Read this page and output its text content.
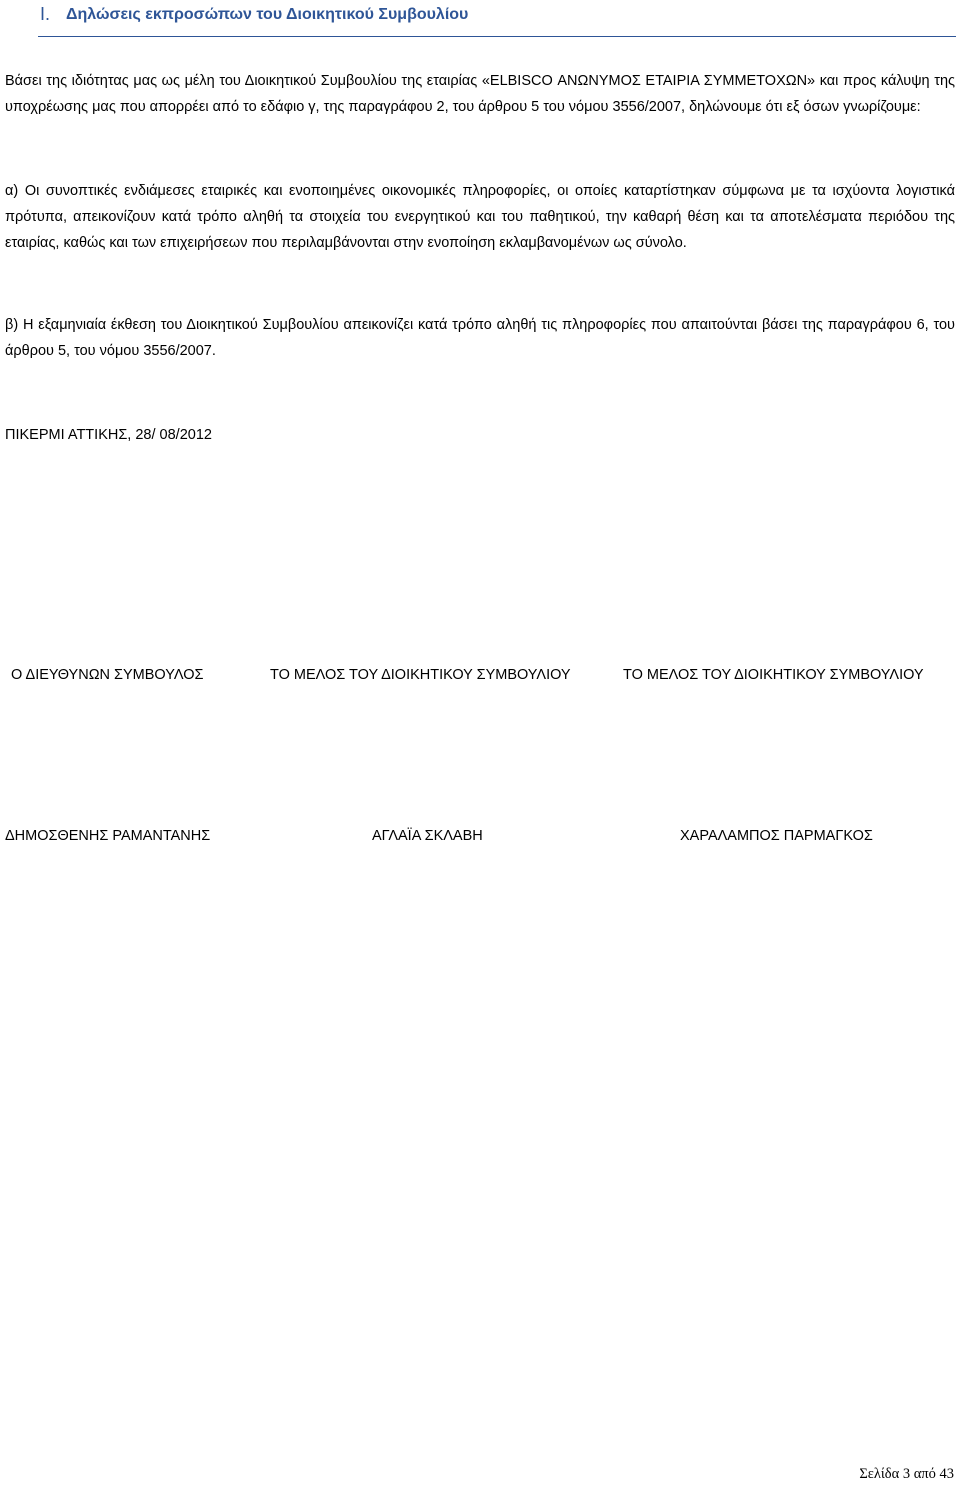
I. Δηλώσεις εκπροσώπων του Διοικητικού Συμβουλίου

Βάσει της ιδιότητας μας ως μέλη του Διοικητικού Συμβουλίου της εταιρίας «ELBISCO ΑΝΩΝΥΜΟΣ ΕΤΑΙΡΙΑ ΣΥΜΜΕΤΟΧΩΝ» και προς κάλυψη της υποχρέωσης μας που απορρέει από το εδάφιο γ, της παραγράφου 2, του άρθρου 5 του νόμου 3556/2007, δηλώνουμε ότι εξ όσων γνωρίζουμε:

α) Οι συνοπτικές ενδιάμεσες εταιρικές και ενοποιημένες οικονομικές πληροφορίες, οι οποίες καταρτίστηκαν σύμφωνα με τα ισχύοντα λογιστικά πρότυπα, απεικονίζουν κατά τρόπο αληθή τα στοιχεία του ενεργητικού και του παθητικού, την καθαρή θέση και τα αποτελέσματα περιόδου της εταιρίας, καθώς και των επιχειρήσεων που περιλαμβάνονται στην ενοποίηση εκλαμβανομένων ως σύνολο.

β) Η εξαμηνιαία έκθεση του Διοικητικού Συμβουλίου απεικονίζει κατά τρόπο αληθή τις πληροφορίες που απαιτούνται βάσει της παραγράφου 6, του άρθρου 5, του νόμου 3556/2007.

ΠΙΚΕΡΜΙ ΑΤΤΙΚΗΣ, 28/ 08/2012
Ο ΔΙΕΥΘΥΝΩΝ ΣΥΜΒΟΥΛΟΣ	ΤΟ ΜΕΛΟΣ ΤΟΥ ΔΙΟΙΚΗΤΙΚΟΥ ΣΥΜΒΟΥΛΙΟΥ	ΤΟ ΜΕΛΟΣ ΤΟΥ ΔΙΟΙΚΗΤΙΚΟΥ ΣΥΜΒΟΥΛΙΟΥ
ΔΗΜΟΣΘΕΝΗΣ ΡΑΜΑΝΤΑΝΗΣ	ΑΓΛΑΪΑ ΣΚΛΑΒΗ	ΧΑΡΑΛΑΜΠΟΣ ΠΑΡΜΑΓΚΟΣ
Σελίδα 3 από 43
